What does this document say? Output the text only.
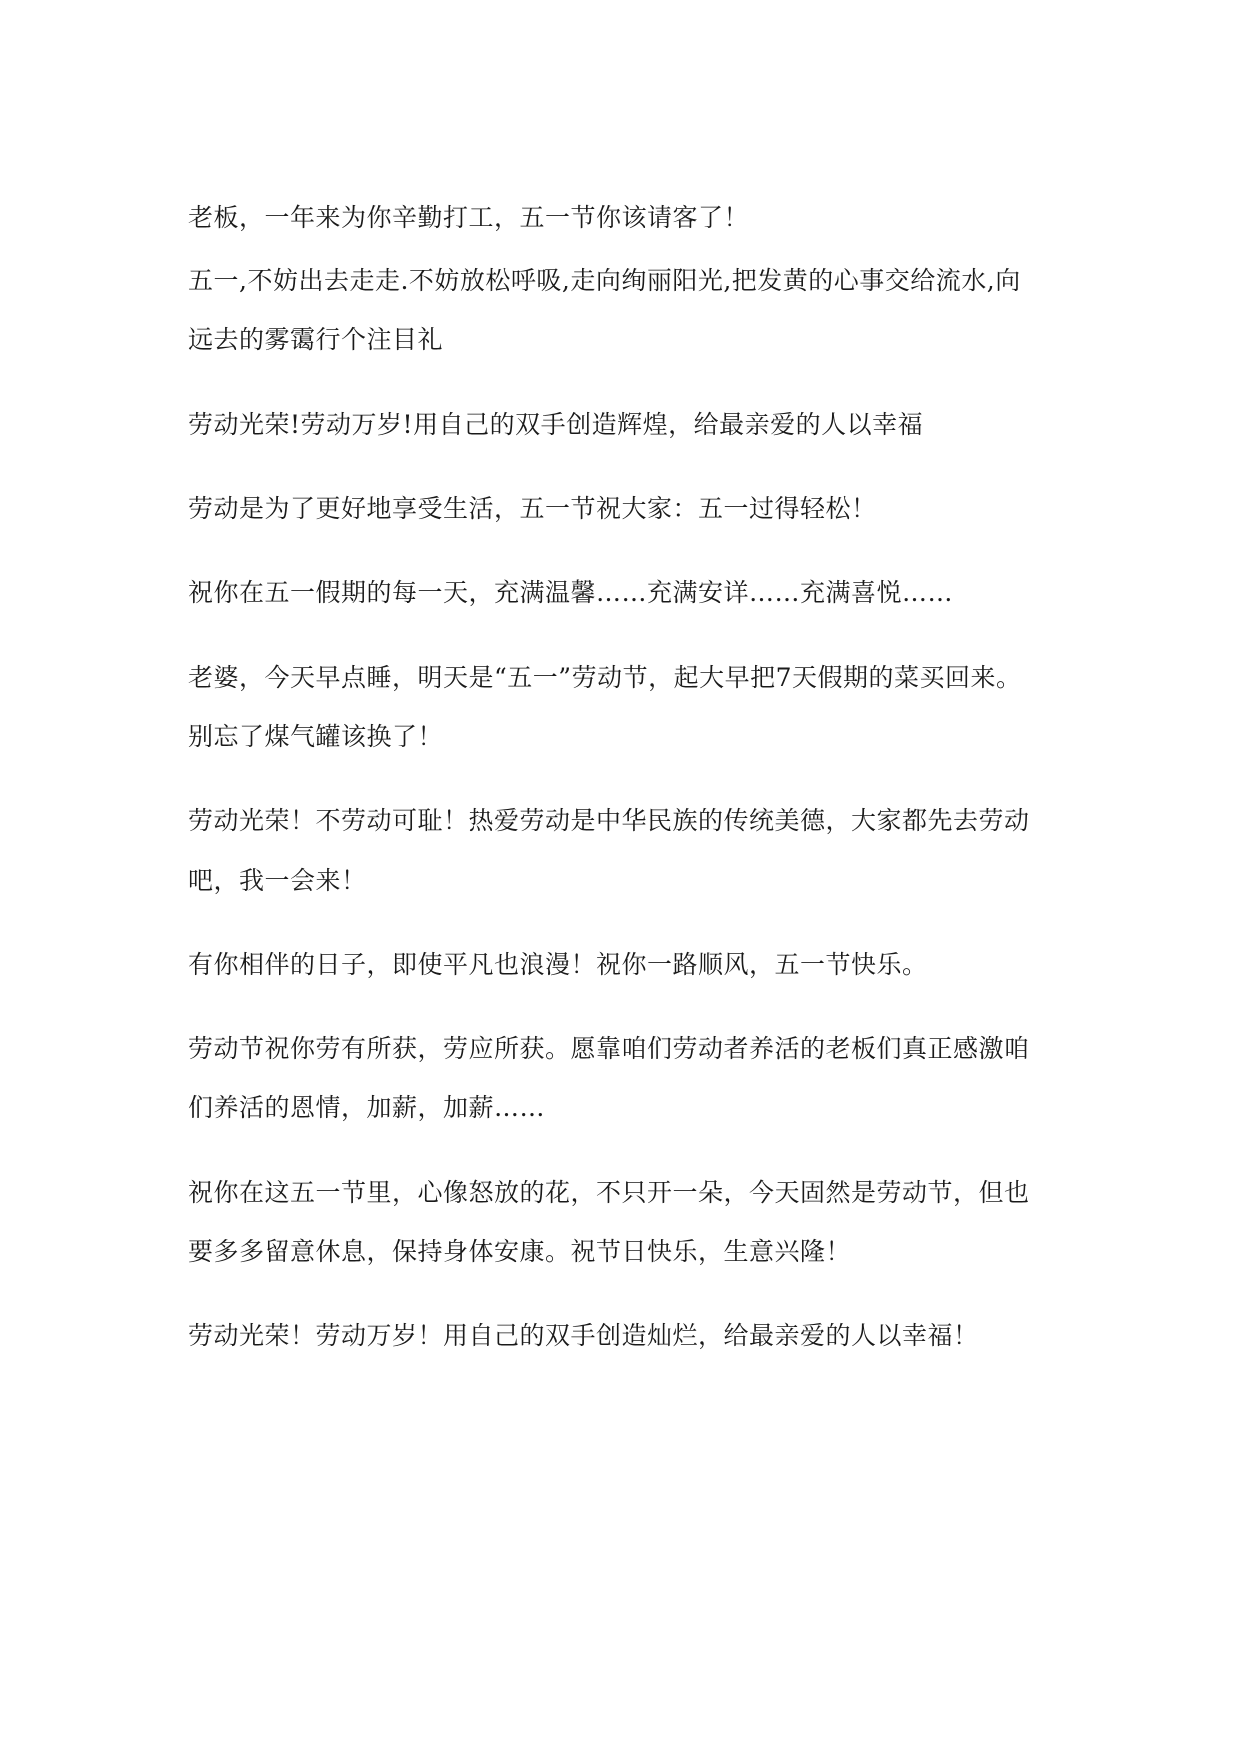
老板，一年来为你辛勤打工，五一节你该请客了！
五一,不妨出去走走.不妨放松呼吸,走向绚丽阳光,把发黄的心事交给流水,向
远去的雾霭行个注目礼
劳动光荣!劳动万岁!用自己的双手创造辉煌，给最亲爱的人以幸福
劳动是为了更好地享受生活，五一节祝大家：五一过得轻松！
祝你在五一假期的每一天，充满温馨……充满安详……充满喜悦……
老婆，今天早点睡，明天是“五一”劳动节，起大早把7天假期的菜买回来。
别忘了煤气罐该换了！
劳动光荣！不劳动可耻！热爱劳动是中华民族的传统美德，大家都先去劳动
吧，我一会来！
有你相伴的日子，即使平凡也浪漫！祝你一路顺风，五一节快乐。
劳动节祝你劳有所获，劳应所获。愿靠咱们劳动者养活的老板们真正感激咱
们养活的恩情，加薪，加薪……
祝你在这五一节里，心像怒放的花，不只开一朵，今天固然是劳动节，但也
要多多留意休息，保持身体安康。祝节日快乐，生意兴隆！
劳动光荣！劳动万岁！用自己的双手创造灿烂，给最亲爱的人以幸福！
